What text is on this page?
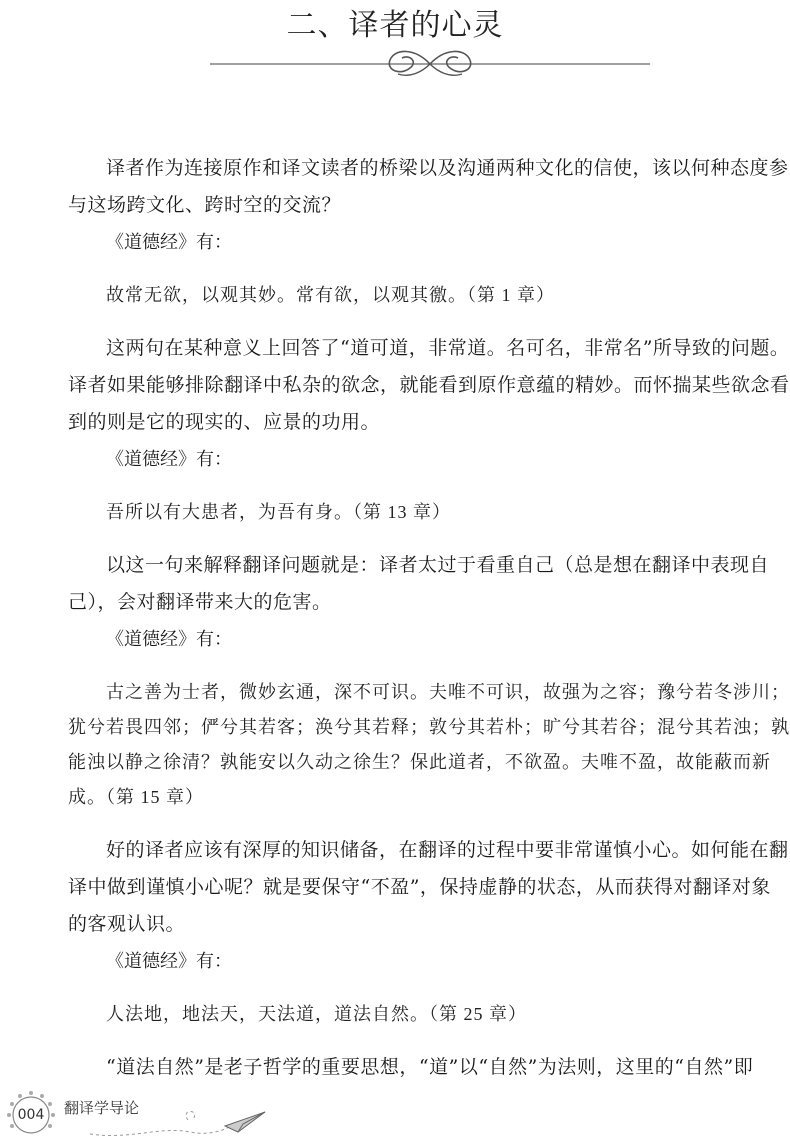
二、译者的心灵

译者作为连接原作和译文读者的桥梁以及沟通两种文化的信使，该以何种态度参与这场跨文化、跨时空的交流？

《道德经》有：

故常无欲，以观其妙。常有欲，以观其徼。（第 1 章）

这两句在某种意义上回答了“道可道，非常道。名可名，非常名”所导致的问题。译者如果能够排除翻译中私杂的欲念，就能看到原作意蕴的精妙。而怀揣某些欲念看到的则是它的现实的、应景的功用。

《道德经》有：

吾所以有大患者，为吾有身。（第 13 章）

以这一句来解释翻译问题就是：译者太过于看重自己（总是想在翻译中表现自己），会对翻译带来大的危害。

《道德经》有：

古之善为士者，微妙玄通，深不可识。夫唯不可识，故强为之容；豫兮若冬涉川；犹兮若畏四邻；俨兮其若客；涣兮其若释；敦兮其若朴；旷兮其若谷；混兮其若浊；孰能浊以静之徐清？孰能安以久动之徐生？保此道者，不欲盈。夫唯不盈，故能蔽而新成。（第 15 章）

好的译者应该有深厚的知识储备，在翻译的过程中要非常谨慎小心。如何能在翻译中做到谨慎小心呢？就是要保守“不盈”，保持虚静的状态，从而获得对翻译对象的客观认识。

《道德经》有：

人法地，地法天，天法道，道法自然。（第 25 章）

“道法自然”是老子哲学的重要思想，“道”以“自然”为法则，这里的“自然”即

004 翻译学导论
